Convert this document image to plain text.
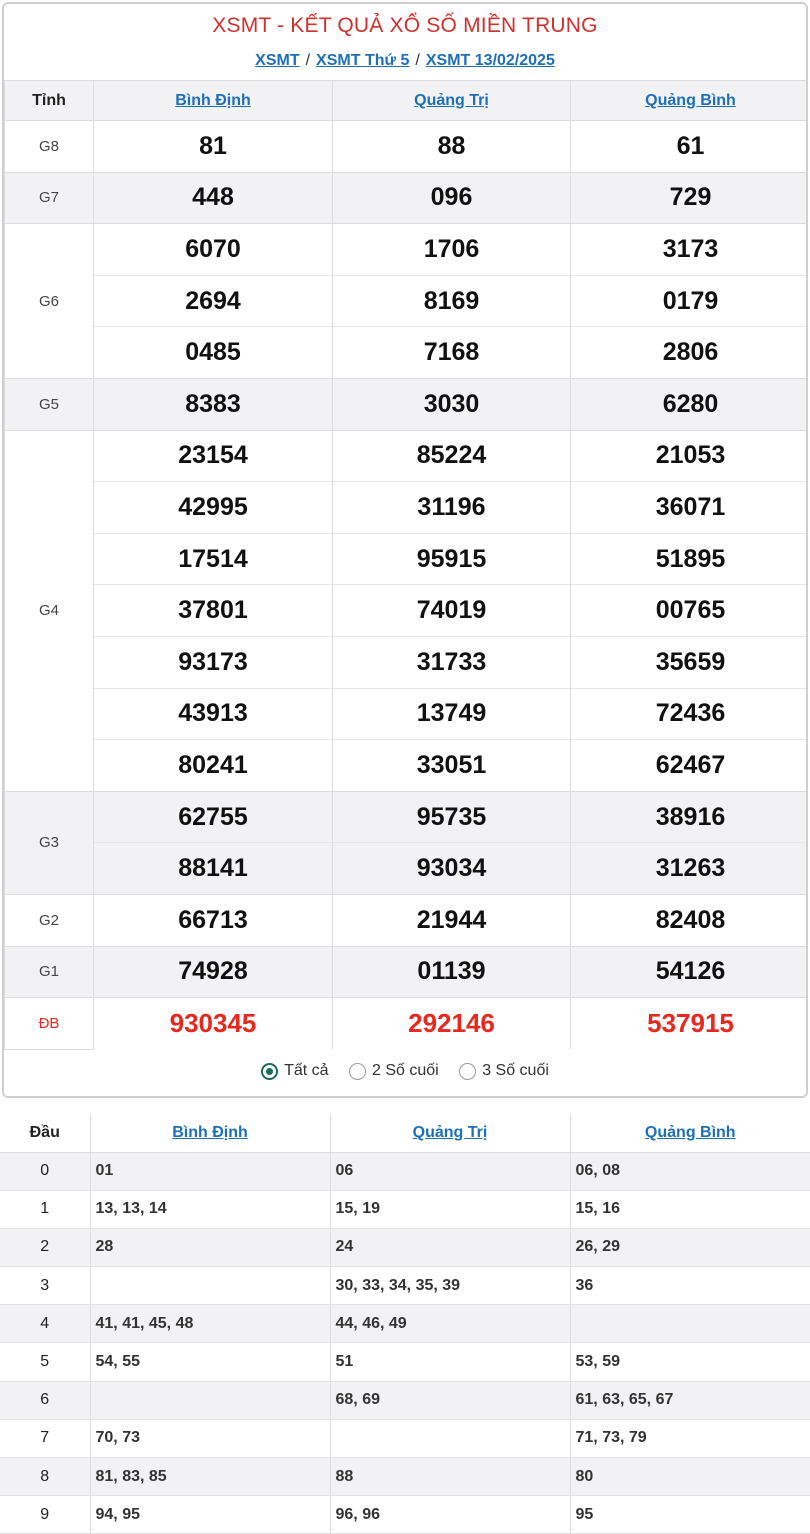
XSMT - KẾT QUẢ XỔ SỐ MIỀN TRUNG
XSMT / XSMT Thứ 5 / XSMT 13/02/2025
Tỉnh	Bình Định	Quảng Trị	Quảng Bình
G8	81	88	61
G7	448	096	729
G6	6070	1706	3173
	2694	8169	0179
	0485	7168	2806
G5	8383	3030	6280
G4	23154	85224	21053
	42995	31196	36071
	17514	95915	51895
	37801	74019	00765
	93173	31733	35659
	43913	13749	72436
	80241	33051	62467
G3	62755	95735	38916
	88141	93034	31263
G2	66713	21944	82408
G1	74928	01139	54126
ĐB	930345	292146	537915
Tất cả
	2 Số cuối
	3 Số cuối
Đầu	Bình Định	Quảng Trị	Quảng Bình
0	01	06	06, 08
1	13, 13, 14	15, 19	15, 16
2	28	24	26, 29
3		30, 33, 34, 35, 39	36
4	41, 41, 45, 48	44, 46, 49	
5	54, 55	51	53, 59
6		68, 69	61, 63, 65, 67
7	70, 73		71, 73, 79
8	81, 83, 85	88	80
9	94, 95	96, 96	95
